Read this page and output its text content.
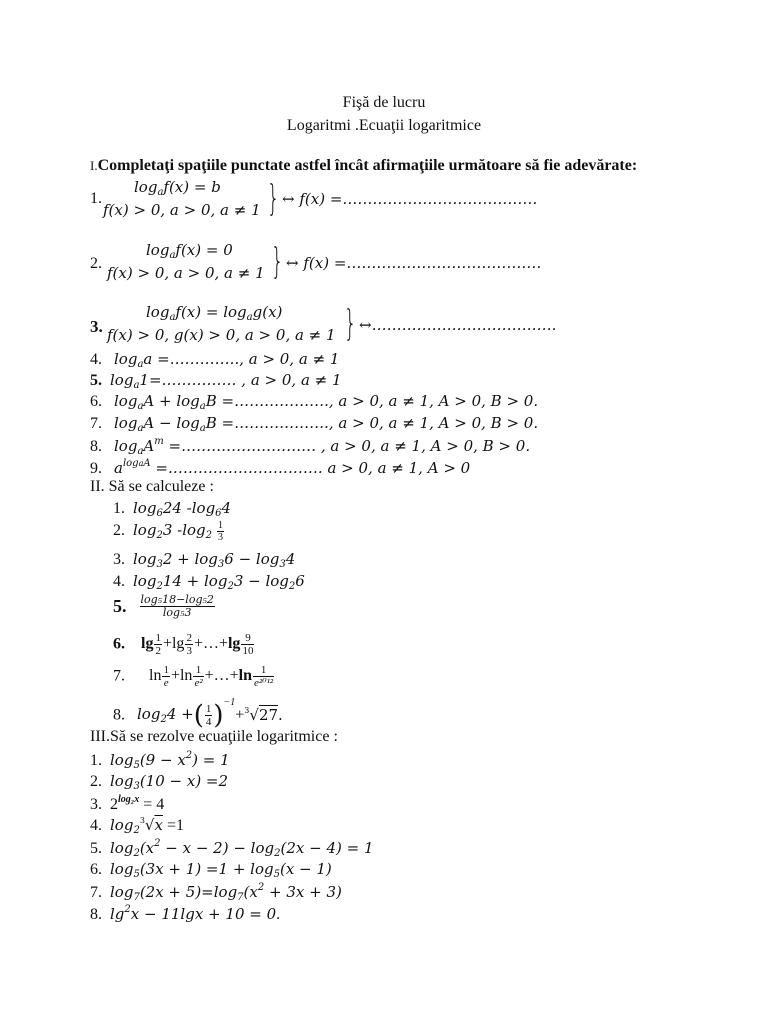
Fişă de lucru
Logaritmi .Ecuaţii logaritmice
I.Completaţi spaţiile punctate astfel încât afirmaţiile următoare să fie adevărate:
1.
$\log_af(x) = b$
f(x) > 0, a > 0, a ≠ 1 } ↔ f(x) =…………………………………
2.
$\log_af(x) = 0$
f(x) > 0, a > 0, a ≠ 1 } ↔ f(x) =…………………………………
3.
$\log_af(x) = \log_ag(x)$
f(x) > 0, g(x) > 0, a > 0, a ≠ 1 } ↔……………………………….
4. $\log_aa$ =………….., a > 0, a ≠ 1
5. $\log_a1=\dots\dots\dots\dots\dots$ , a > 0, a ≠ 1
6. $\log_aA + \log_aB$ =………………., a > 0, a ≠ 1, A > 0, B > 0.
7. $\log_aA - \log_aB$ =………………., a > 0, a ≠ 1, A > 0, B > 0.
8. $\log_aA^m$ =……………………… , a > 0, a ≠ 1, A > 0, B > 0.
9. $a^{logaA}$ =…………………………. a > 0, a ≠ 1, A > 0
II. Să se calculeze :
1. $\log_624$ $-\log_64$
2. $\log_23$ $-\log_2 \frac{1}{3}$
3. $\log_32 + \log_36 - \log_34$
4. $\log_214 + \log_23 - \log_26$
5. $\frac{\text{log₅18−log₅2}}{\text{log₅3}}$
6. $\lg \frac{1}{2} +\lg \frac{2}{3}$ +…+lg $\frac{9}{10}$
7. $\ln \frac{1}{e} +\ln \frac{1}{\text{e²}}$ +…+ln $\frac{1}{\text{e²⁰¹²}}$
8. $\log_24$ +( $\frac{1}{4} )^{-1}+^3√27$.
III.Să se rezolve ecuaţiile logaritmice :
1. $\log_5(9 - x^2) = 1$
2. $\log_3(10 - x) =2$
3. $2^{log_2x} = 4$
4. $\log_2^3√x =1$
5. $\log_2(x^2 - x - 2) - \log_2(2x - 4) = 1$
6. $\log_5(3x + 1) =1 + \log_5(x - 1)$
7. $\log_7(2x + 5)=\log_7(x^2 + 3x + 3)$
8. $\lg^2x - 11\lg x + 10 = 0$.
